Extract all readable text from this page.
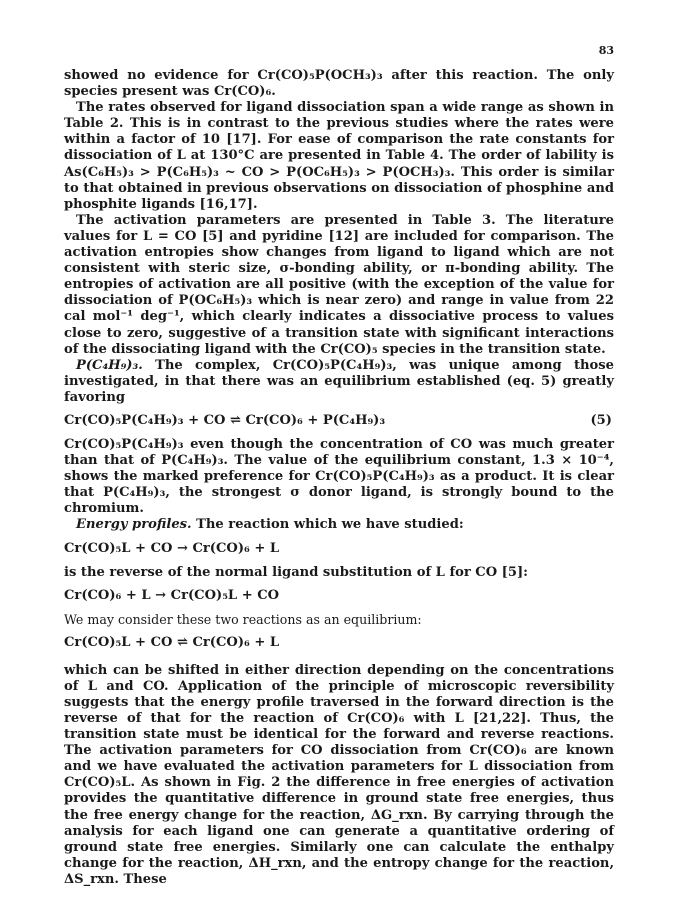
83

showed no evidence for Cr(CO)₅P(OCH₃)₃ after this reaction. The only species present was Cr(CO)₆.

The rates observed for ligand dissociation span a wide range as shown in Table 2. This is in contrast to the previous studies where the rates were within a factor of 10 [17]. For ease of comparison the rate constants for dissociation of L at 130°C are presented in Table 4. The order of lability is As(C₆H₅)₃ > P(C₆H₅)₃ ~ CO > P(OC₆H₅)₃ > P(OCH₃)₃. This order is similar to that obtained in previous observations on dissociation of phosphine and phosphite ligands [16,17].

The activation parameters are presented in Table 3. The literature values for L = CO [5] and pyridine [12] are included for comparison. The activation entropies show changes from ligand to ligand which are not consistent with steric size, σ-bonding ability, or π-bonding ability. The entropies of activation are all positive (with the exception of the value for dissociation of P(OC₆H₅)₃ which is near zero) and range in value from 22 cal mol⁻¹ deg⁻¹, which clearly indicates a dissociative process to values close to zero, suggestive of a transition state with significant interactions of the dissociating ligand with the Cr(CO)₅ species in the transition state.

P(C₄H₉)₃. The complex, Cr(CO)₅P(C₄H₉)₃, was unique among those investigated, in that there was an equilibrium established (eq. 5) greatly favoring

Cr(CO)₅P(C₄H₉)₃ + CO ⇌ Cr(CO)₆ + P(C₄H₉)₃	(5)

Cr(CO)₅P(C₄H₉)₃ even though the concentration of CO was much greater than that of P(C₄H₉)₃. The value of the equilibrium constant, 1.3 × 10⁻⁴, shows the marked preference for Cr(CO)₅P(C₄H₉)₃ as a product. It is clear that P(C₄H₉)₃, the strongest σ donor ligand, is strongly bound to the chromium.

Energy profiles. The reaction which we have studied:

Cr(CO)₅L + CO → Cr(CO)₆ + L

is the reverse of the normal ligand substitution of L for CO [5]:

Cr(CO)₆ + L → Cr(CO)₅L + CO

We may consider these two reactions as an equilibrium:

Cr(CO)₅L + CO ⇌ Cr(CO)₆ + L

which can be shifted in either direction depending on the concentrations of L and CO. Application of the principle of microscopic reversibility suggests that the energy profile traversed in the forward direction is the reverse of that for the reaction of Cr(CO)₆ with L [21,22]. Thus, the transition state must be identical for the forward and reverse reactions. The activation parameters for CO dissociation from Cr(CO)₆ are known and we have evaluated the activation parameters for L dissociation from Cr(CO)₅L. As shown in Fig. 2 the difference in free energies of activation provides the quantitative difference in ground state free energies, thus the free energy change for the reaction, ΔG_rxn. By carrying through the analysis for each ligand one can generate a quantitative ordering of ground state free energies. Similarly one can calculate the enthalpy change for the reaction, ΔH_rxn, and the entropy change for the reaction, ΔS_rxn. These
